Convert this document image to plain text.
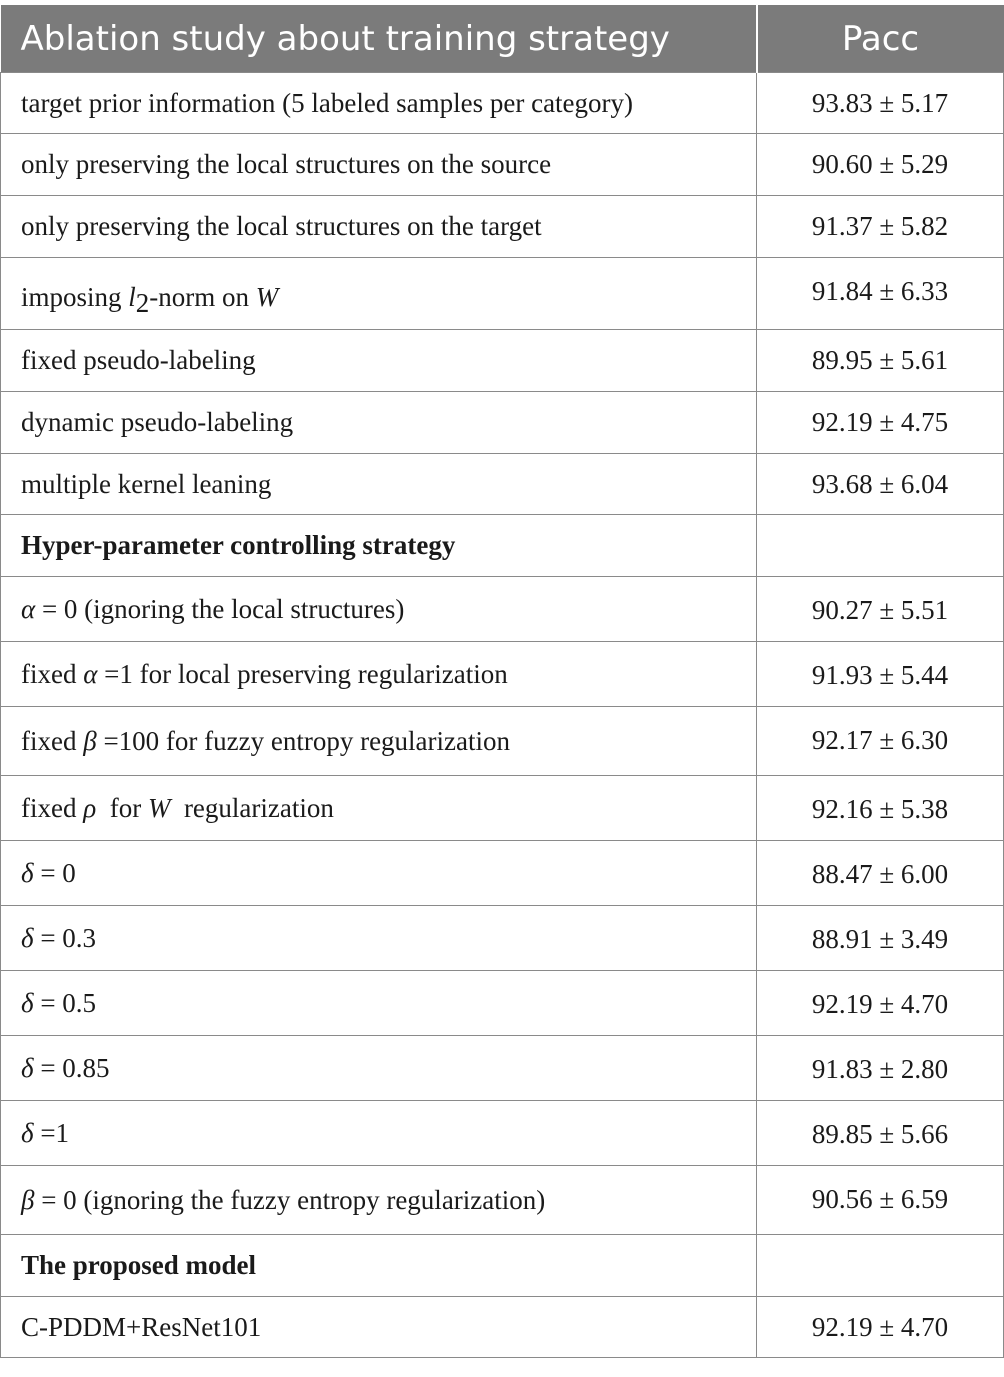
Ablation study about training strategy	Pacc
target prior information (5 labeled samples per category)	93.83 ± 5.17
only preserving the local structures on the source	90.60 ± 5.29
only preserving the local structures on the target	91.37 ± 5.82
imposing $l_2$-norm on W	91.84 ± 6.33
fixed pseudo-labeling	89.95 ± 5.61
dynamic pseudo-labeling	92.19 ± 4.75
multiple kernel leaning	93.68 ± 6.04
Hyper-parameter controlling strategy	
α = 0 (ignoring the local structures)	90.27 ± 5.51
fixed α =1 for local preserving regularization	91.93 ± 5.44
fixed β =100 for fuzzy entropy regularization	92.17 ± 6.30
fixed ρ  for W  regularization	92.16 ± 5.38
δ = 0	88.47 ± 6.00
δ = 0.3	88.91 ± 3.49
δ = 0.5	92.19 ± 4.70
δ = 0.85	91.83 ± 2.80
δ =1	89.85 ± 5.66
β = 0 (ignoring the fuzzy entropy regularization)	90.56 ± 6.59
The proposed model	
C-PDDM+ResNet101	92.19 ± 4.70
